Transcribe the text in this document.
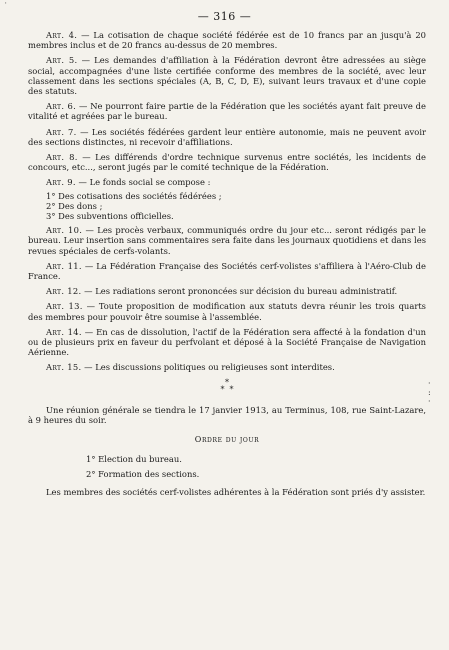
'
— 316 —

Art. 4. — La cotisation de chaque société fédérée est de 10 francs par an jusqu'à 20 membres inclus et de 20 francs au-dessus de 20 membres.

Art. 5. — Les demandes d'affiliation à la Fédération devront être adressées au siège social, accompagnées d'une liste certifiée conforme des membres de la société, avec leur classement dans les sections spéciales (A, B, C, D, E), suivant leurs travaux et d'une copie des statuts.

Art. 6. — Ne pourront faire partie de la Fédération que les sociétés ayant fait preuve de vitalité et agréées par le bureau.

Art. 7. — Les sociétés fédérées gardent leur entière autonomie, mais ne peuvent avoir des sections distinctes, ni recevoir d'affiliations.

Art. 8. — Les différends d'ordre technique survenus entre sociétés, les incidents de concours, etc..., seront jugés par le comité technique de la Fédération.

Art. 9. — Le fonds social se compose :

1° Des cotisations des sociétés fédérées ;
2° Des dons ;
3° Des subventions officielles.

Art. 10. — Les procès verbaux, communiqués ordre du jour etc... seront rédigés par le bureau. Leur insertion sans commentaires sera faite dans les journaux quotidiens et dans les revues spéciales de cerfs-volants.

Art. 11. — La Fédération Française des Sociétés cerf-volistes s'affiliera à l'Aéro-Club de France.

Art. 12. — Les radiations seront prononcées sur décision du bureau administratif.

Art. 13. — Toute proposition de modification aux statuts devra réunir les trois quarts des membres pour pouvoir être soumise à l'assemblée.

Art. 14. — En cas de dissolution, l'actif de la Fédération sera affecté à la fondation d'un ou de plusieurs prix en faveur du perfvolant et déposé à la Société Française de Navigation Aérienne.

Art. 15. — Les discussions politiques ou religieuses sont interdites.

*
*  *

Une réunion générale se tiendra le 17 janvier 1913, au Terminus, 108, rue Saint-Lazare, à 9 heures du soir.

Ordre du jour
1° Election du bureau.
2° Formation des sections.

Les membres des sociétés cerf-volistes adhérentes à la Fédération sont priés d'y assister.

·
:
·
